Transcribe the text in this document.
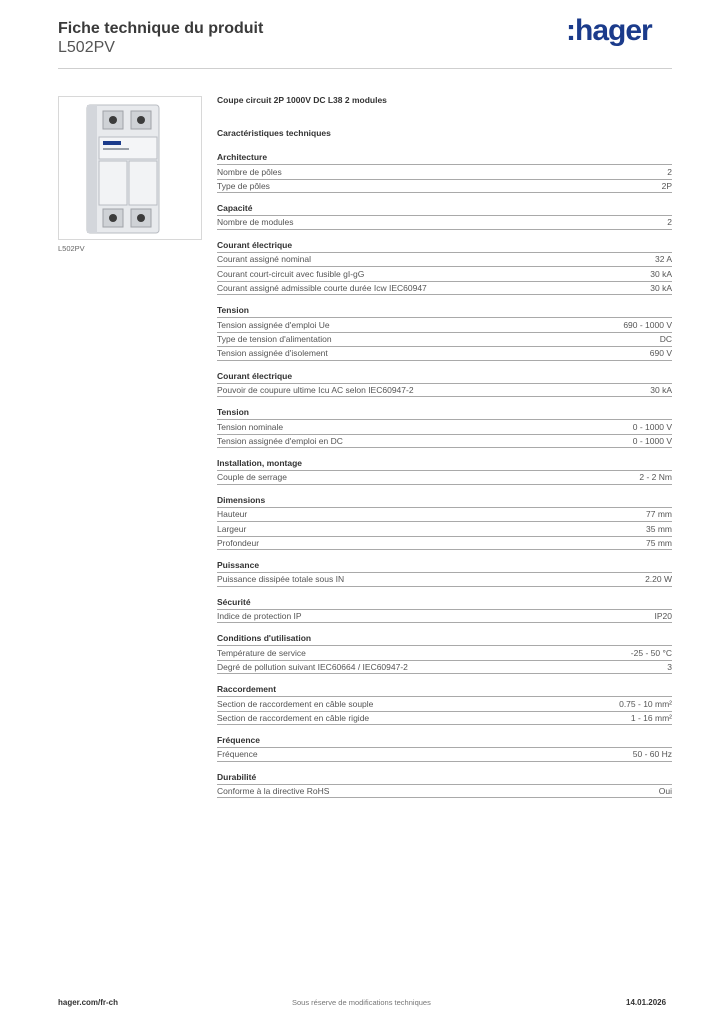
Fiche technique du produit
L502PV
:hager
L502PV
Coupe circuit 2P 1000V DC L38 2 modules
Caractéristiques techniques
Architecture
Nombre de pôles	2
Type de pôles	2P
Capacité
Nombre de modules	2
Courant électrique
Courant assigné nominal	32 A
Courant court-circuit avec fusible gI-gG	30 kA
Courant assigné admissible courte durée Icw IEC60947	30 kA
Tension
Tension assignée d'emploi Ue	690 - 1000 V
Type de tension d'alimentation	DC
Tension assignée d'isolement	690 V
Courant électrique
Pouvoir de coupure ultime Icu AC selon IEC60947-2	30 kA
Tension
Tension nominale	0 - 1000 V
Tension assignée d'emploi en DC	0 - 1000 V
Installation, montage
Couple de serrage	2 - 2 Nm
Dimensions
Hauteur	77 mm
Largeur	35 mm
Profondeur	75 mm
Puissance
Puissance dissipée totale sous IN	2.20 W
Sécurité
Indice de protection IP	IP20
Conditions d'utilisation
Température de service	-25 - 50 °C
Degré de pollution suivant IEC60664 / IEC60947-2	3
Raccordement
Section de raccordement en câble souple	0.75 - 10 mm²
Section de raccordement en câble rigide	1 - 16 mm²
Fréquence
Fréquence	50 - 60 Hz
Durabilité
Conforme à la directive RoHS	Oui
hager.com/fr-ch	Sous réserve de modifications techniques	14.01.2026
